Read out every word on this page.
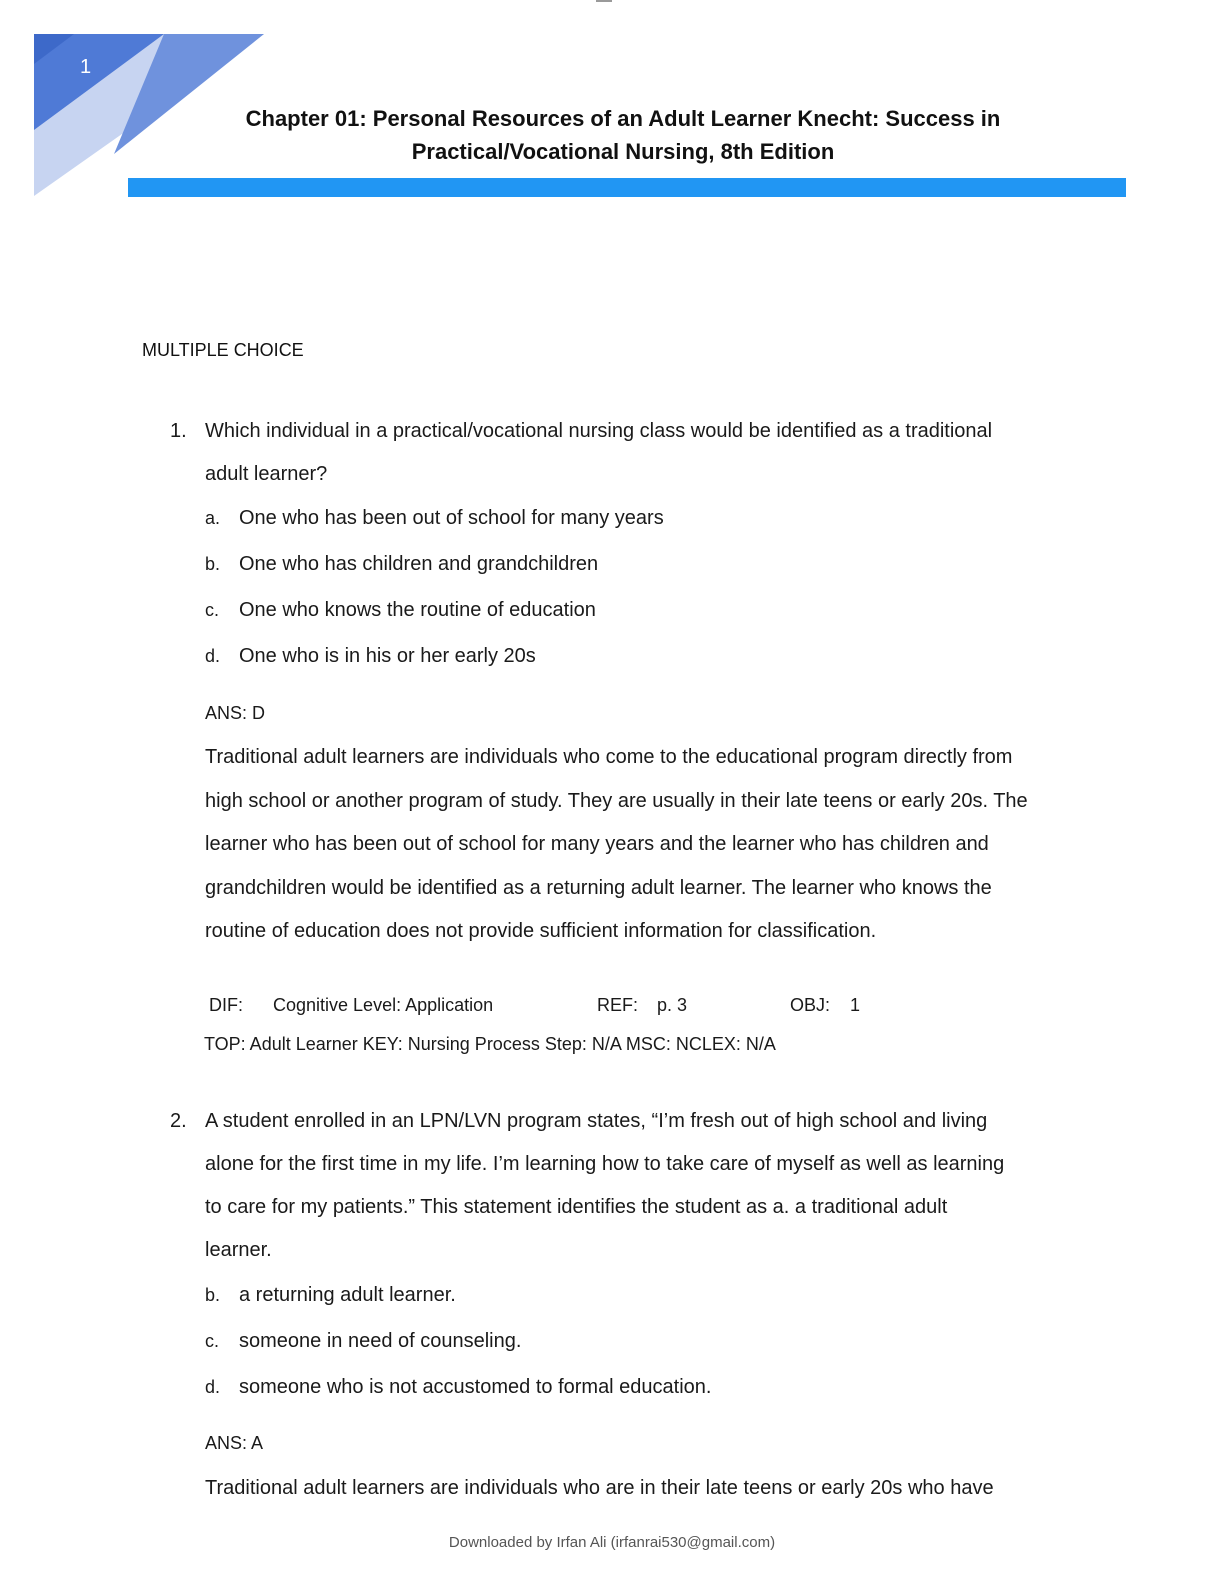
1
Chapter 01: Personal Resources of an Adult Learner Knecht: Success in
Practical/Vocational Nursing, 8th Edition
MULTIPLE CHOICE
1. Which individual in a practical/vocational nursing class would be identified as a traditional
adult learner?
a. One who has been out of school for many years
b. One who has children and grandchildren
c. One who knows the routine of education
d. One who is in his or her early 20s
ANS: D
Traditional adult learners are individuals who come to the educational program directly from
high school or another program of study. They are usually in their late teens or early 20s. The
learner who has been out of school for many years and the learner who has children and
grandchildren would be identified as a returning adult learner. The learner who knows the
routine of education does not provide sufficient information for classification.
DIF: Cognitive Level: Application	REF: p. 3	OBJ: 1
TOP: Adult Learner KEY: Nursing Process Step: N/A MSC: NCLEX: N/A
2. A student enrolled in an LPN/LVN program states, “I’m fresh out of high school and living
alone for the first time in my life. I’m learning how to take care of myself as well as learning
to care for my patients.” This statement identifies the student as a. a traditional adult
learner.
b. a returning adult learner.
c. someone in need of counseling.
d. someone who is not accustomed to formal education.
ANS: A
Traditional adult learners are individuals who are in their late teens or early 20s who have
Downloaded by Irfan Ali (irfanrai530@gmail.com)
